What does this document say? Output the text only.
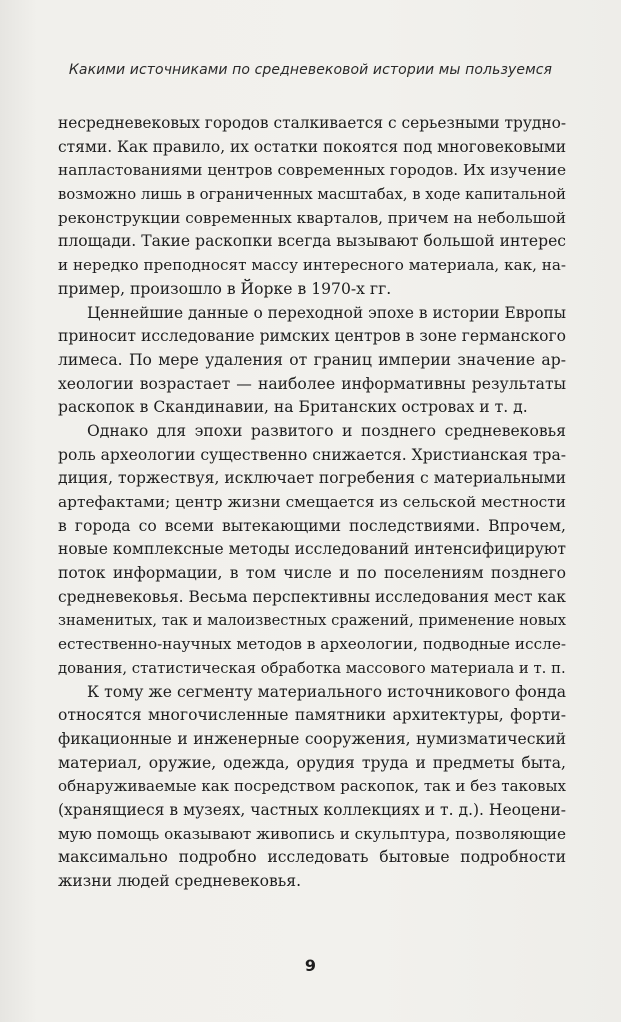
Какими источниками по средневековой истории мы пользуемся
несредневековых городов сталкивается с серьезными трудно-
стями. Как правило, их остатки покоятся под многовековыми
напластованиями центров современных городов. Их изучение
возможно лишь в ограниченных масштабах, в ходе капитальной
реконструкции современных кварталов, причем на небольшой
площади. Такие раскопки всегда вызывают большой интерес
и нередко преподносят массу интересного материала, как, на-
пример, произошло в Йорке в 1970-х гг.
Ценнейшие данные о переходной эпохе в истории Европы
приносит исследование римских центров в зоне германского
лимеса. По мере удаления от границ империи значение ар-
хеологии возрастает — наиболее информативны результаты
раскопок в Скандинавии, на Британских островах и т. д.
Однако для эпохи развитого и позднего средневековья
роль археологии существенно снижается. Христианская тра-
диция, торжествуя, исключает погребения с материальными
артефактами; центр жизни смещается из сельской местности
в города со всеми вытекающими последствиями. Впрочем,
новые комплексные методы исследований интенсифицируют
поток информации, в том числе и по поселениям позднего
средневековья. Весьма перспективны исследования мест как
знаменитых, так и малоизвестных сражений, применение новых
естественно-научных методов в археологии, подводные иссле-
дования, статистическая обработка массового материала и т. п.
К тому же сегменту материального источникового фонда
относятся многочисленные памятники архитектуры, форти-
фикационные и инженерные сооружения, нумизматический
материал, оружие, одежда, орудия труда и предметы быта,
обнаруживаемые как посредством раскопок, так и без таковых
(хранящиеся в музеях, частных коллекциях и т. д.). Неоцени-
мую помощь оказывают живопись и скульптура, позволяющие
максимально подробно исследовать бытовые подробности
жизни людей средневековья.
9
